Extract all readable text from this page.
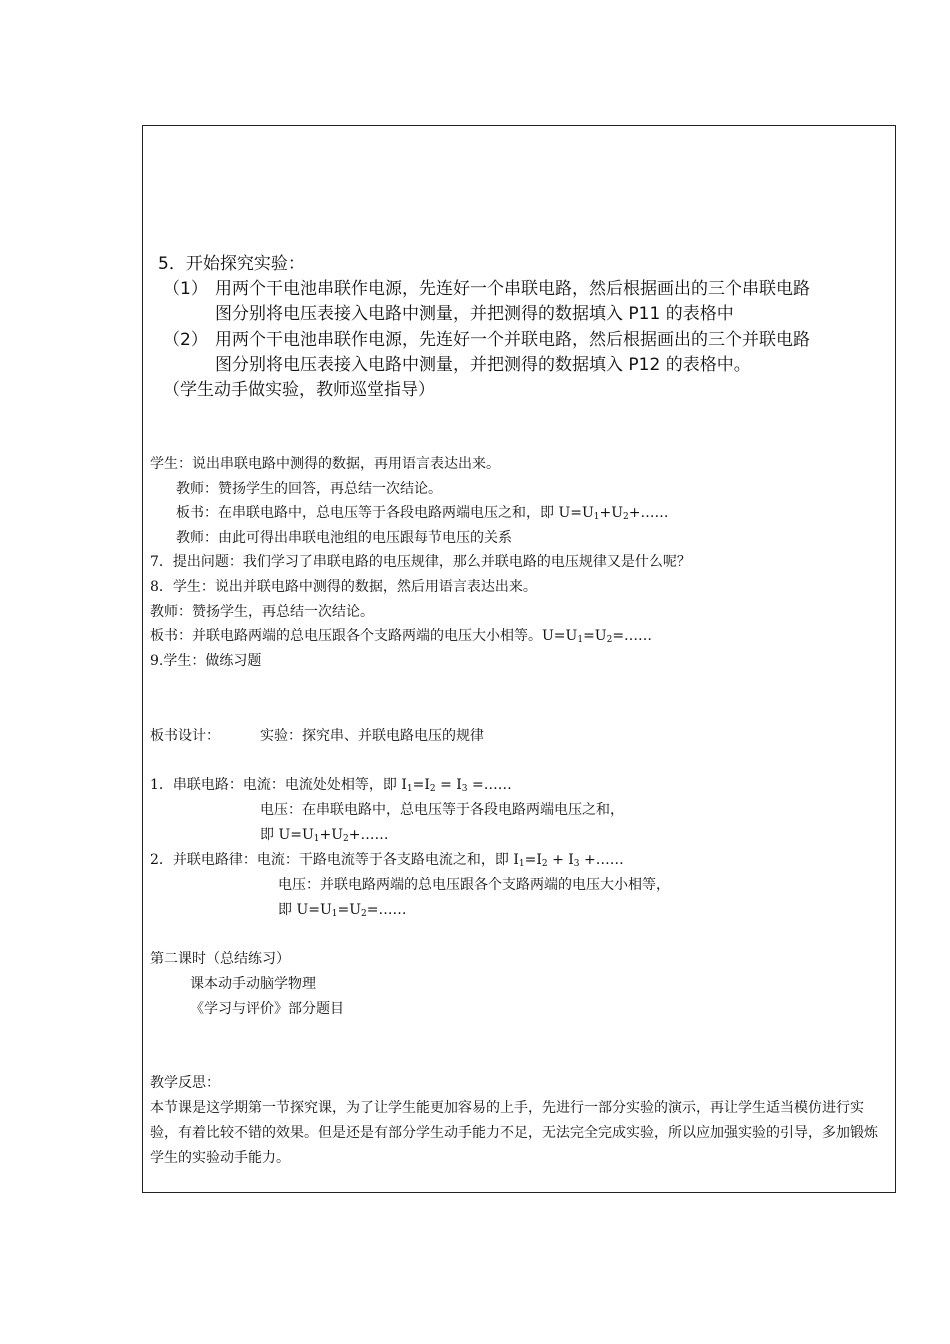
5．开始探究实验：
（1） 用两个干电池串联作电源，先连好一个串联电路，然后根据画出的三个串联电路
图分别将电压表接入电路中测量，并把测得的数据填入 P11 的表格中
（2） 用两个干电池串联作电源，先连好一个并联电路，然后根据画出的三个并联电路
图分别将电压表接入电路中测量，并把测得的数据填入 P12 的表格中。
（学生动手做实验，教师巡堂指导）
学生：说出串联电路中测得的数据，再用语言表达出来。
教师：赞扬学生的回答，再总结一次结论。
板书：在串联电路中，总电压等于各段电路两端电压之和，即 $U=U_1+U_2+\dots\dots$
教师：由此可得出串联电池组的电压跟每节电压的关系
7．提出问题：我们学习了串联电路的电压规律，那么并联电路的电压规律又是什么呢？
8．学生：说出并联电路中测得的数据，然后用语言表达出来。
教师：赞扬学生，再总结一次结论。
板书：并联电路两端的总电压跟各个支路两端的电压大小相等。$U=U_1=U_2=\dots\dots$
9.学生：做练习题
板书设计：	实验：探究串、并联电路电压的规律
1．串联电路：电流：电流处处相等，即 $I_1=I_2 = I_3$ =……
电压：在串联电路中，总电压等于各段电路两端电压之和，
即 $U=U_1+U_2+\dots\dots$
2．并联电路律：电流：干路电流等于各支路电流之和，即 $I_1=I_2 + I_3$ +……
电压：并联电路两端的总电压跟各个支路两端的电压大小相等，
即 $U=U_1=U_2=\dots\dots$
第二课时（总结练习）
课本动手动脑学物理
《学习与评价》部分题目
教学反思：
本节课是这学期第一节探究课，为了让学生能更加容易的上手，先进行一部分实验的演示，再让学生适当模仿进行实验，有着比较不错的效果。但是还是有部分学生动手能力不足，无法完全完成实验，所以应加强实验的引导，多加锻炼学生的实验动手能力。
